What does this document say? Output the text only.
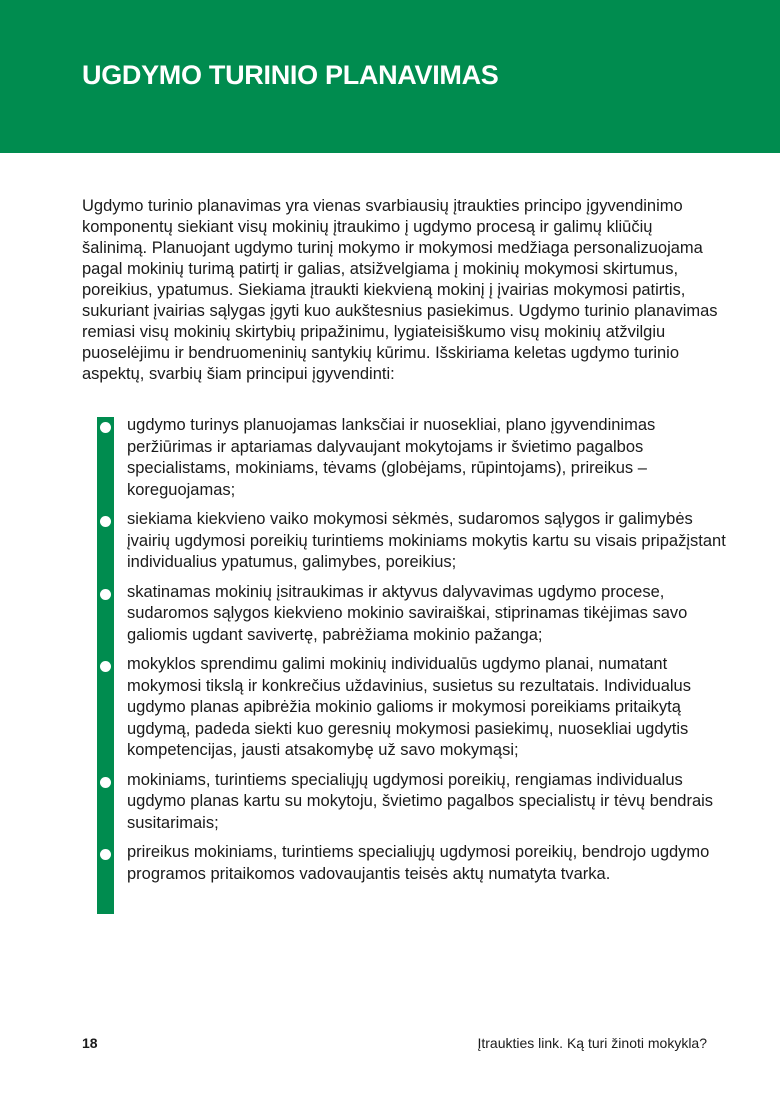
UGDYMO TURINIO PLANAVIMAS

Ugdymo turinio planavimas yra vienas svarbiausių įtraukties principo įgyvendinimo komponentų siekiant visų mokinių įtraukimo į ugdymo procesą ir galimų kliūčių šalinimą. Planuojant ugdymo turinį mokymo ir mokymosi medžiaga personalizuojama pagal mokinių turimą patirtį ir galias, atsižvelgiama į mokinių mokymosi skirtumus, poreikius, ypatumus. Siekiama įtraukti kiekvieną mokinį į įvairias mokymosi patirtis, sukuriant įvairias sąlygas įgyti kuo aukštesnius pasiekimus. Ugdymo turinio planavimas remiasi visų mokinių skirtybių pripažinimu, lygiateisiškumo visų mokinių atžvilgiu puoselėjimu ir bendruomeninių santykių kūrimu. Išskiriama keletas ugdymo turinio aspektų, svarbių šiam principui įgyvendinti:

ugdymo turinys planuojamas lanksčiai ir nuosekliai, plano įgyvendinimas peržiūrimas ir aptariamas dalyvaujant mokytojams ir švietimo pagalbos specialistams, mokiniams, tėvams (globėjams, rūpintojams), prireikus – koreguojamas;
siekiama kiekvieno vaiko mokymosi sėkmės, sudaromos sąlygos ir galimybės įvairių ugdymosi poreikių turintiems mokiniams mokytis kartu su visais pripažįstant individualius ypatumus, galimybes, poreikius;
skatinamas mokinių įsitraukimas ir aktyvus dalyvavimas ugdymo procese, sudaromos sąlygos kiekvieno mokinio saviraiškai, stiprinamas tikėjimas savo galiomis ugdant savivertę, pabrėžiama mokinio pažanga;
mokyklos sprendimu galimi mokinių individualūs ugdymo planai, numatant mokymosi tikslą ir konkrečius uždavinius, susietus su rezultatais. Individualus ugdymo planas apibrėžia mokinio galioms ir mokymosi poreikiams pritaikytą ugdymą, padeda siekti kuo geresnių mokymosi pasiekimų, nuosekliai ugdytis kompetencijas, jausti atsakomybę už savo mokymąsi;
mokiniams, turintiems specialiųjų ugdymosi poreikių, rengiamas individualus ugdymo planas kartu su mokytoju, švietimo pagalbos specialistų ir tėvų bendrais susitarimais;
prireikus mokiniams, turintiems specialiųjų ugdymosi poreikių, bendrojo ugdymo programos pritaikomos vadovaujantis teisės aktų numatyta tvarka.

18	Įtraukties link. Ką turi žinoti mokykla?
